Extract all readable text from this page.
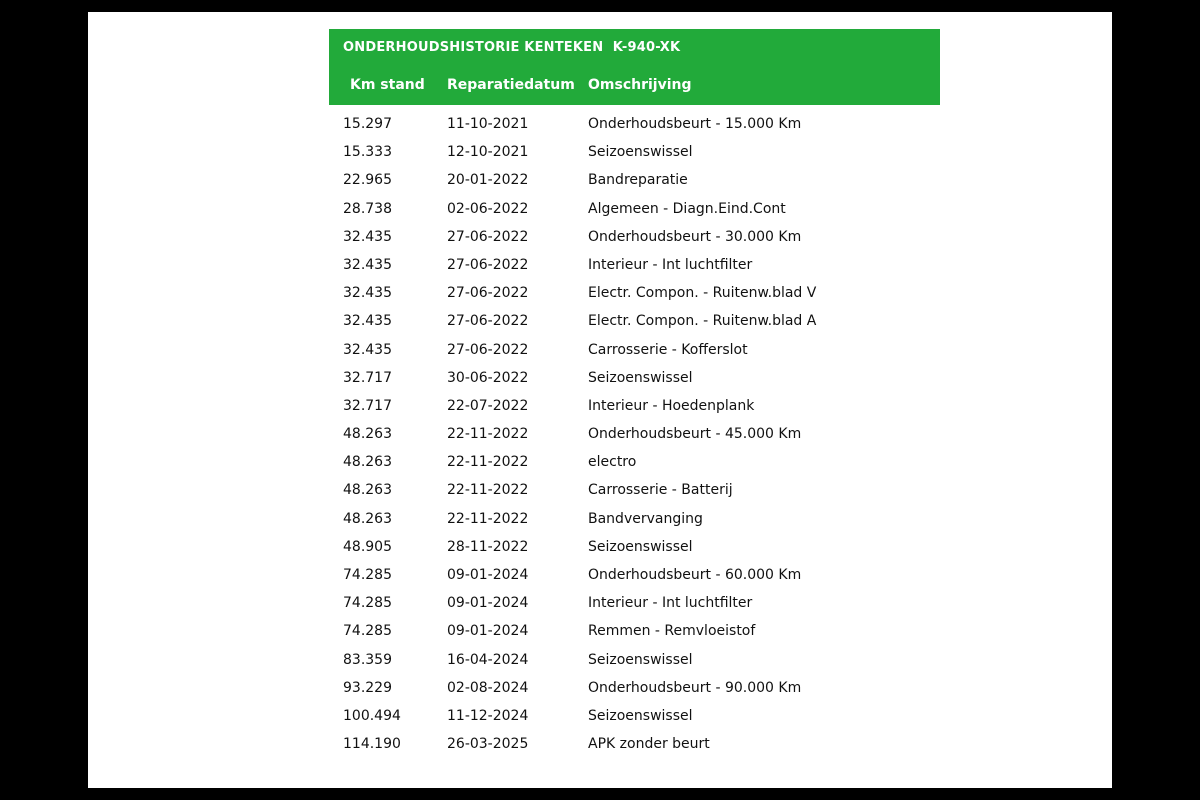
ONDERHOUDSHISTORIE KENTEKEN  K-940-XK
Km stand Reparatiedatum Omschrijving
15.297	11-10-2021	Onderhoudsbeurt - 15.000 Km
15.333	12-10-2021	Seizoenswissel
22.965	20-01-2022	Bandreparatie
28.738	02-06-2022	Algemeen - Diagn.Eind.Cont
32.435	27-06-2022	Onderhoudsbeurt - 30.000 Km
32.435	27-06-2022	Interieur - Int luchtfilter
32.435	27-06-2022	Electr. Compon. - Ruitenw.blad V
32.435	27-06-2022	Electr. Compon. - Ruitenw.blad A
32.435	27-06-2022	Carrosserie - Kofferslot
32.717	30-06-2022	Seizoenswissel
32.717	22-07-2022	Interieur - Hoedenplank
48.263	22-11-2022	Onderhoudsbeurt - 45.000 Km
48.263	22-11-2022	electro
48.263	22-11-2022	Carrosserie - Batterij
48.263	22-11-2022	Bandvervanging
48.905	28-11-2022	Seizoenswissel
74.285	09-01-2024	Onderhoudsbeurt - 60.000 Km
74.285	09-01-2024	Interieur - Int luchtfilter
74.285	09-01-2024	Remmen - Remvloeistof
83.359	16-04-2024	Seizoenswissel
93.229	02-08-2024	Onderhoudsbeurt - 90.000 Km
100.494	11-12-2024	Seizoenswissel
114.190	26-03-2025	APK zonder beurt
